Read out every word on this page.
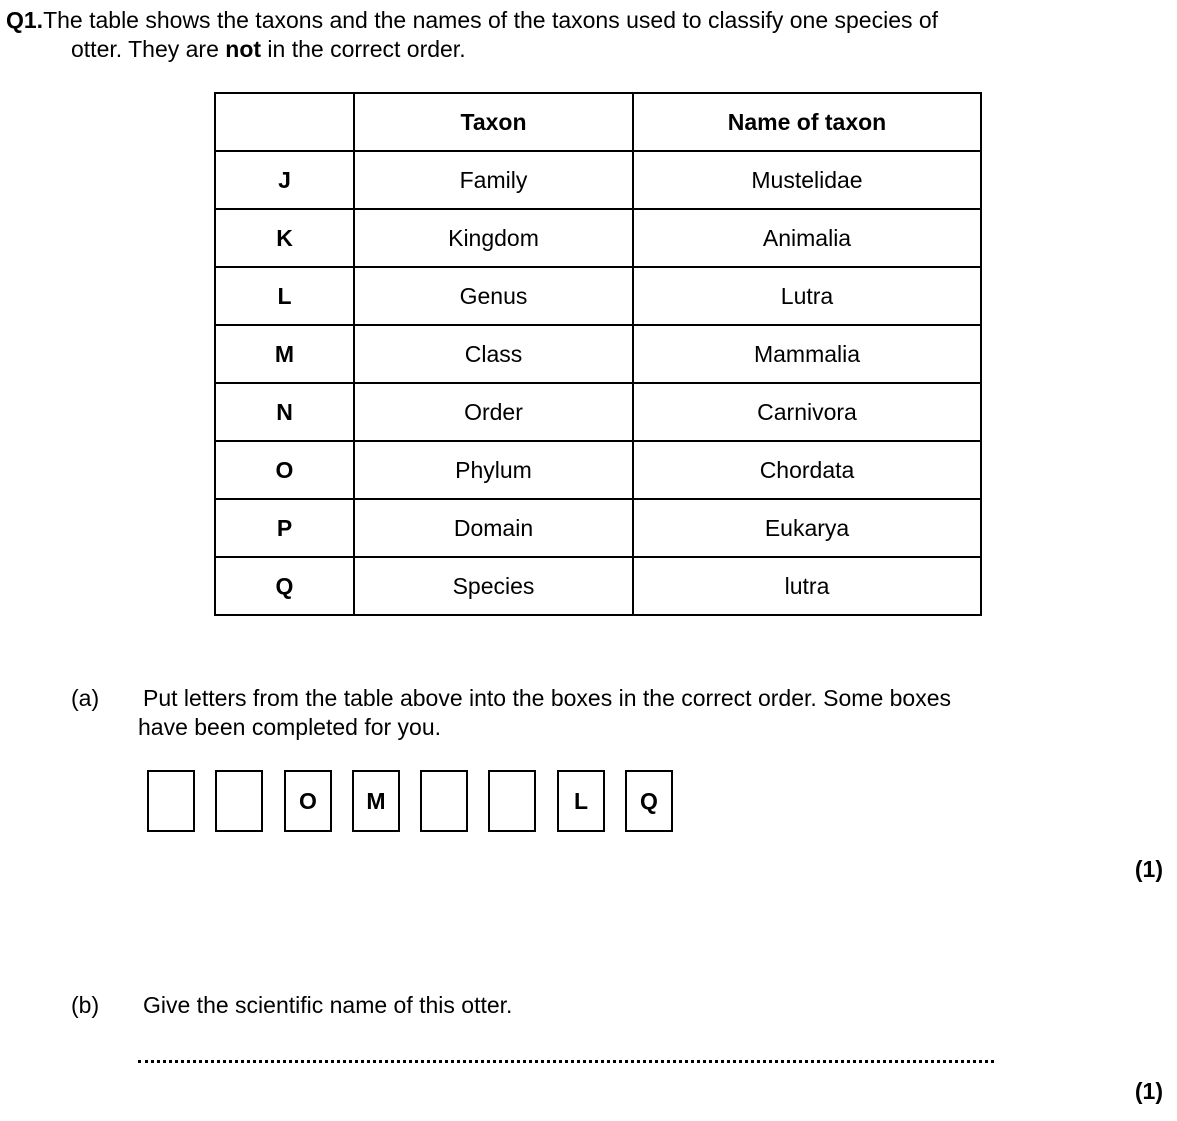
Q1.The table shows the taxons and the names of the taxons used to classify one species of
otter. They are not in the correct order.
	Taxon	Name of taxon
J	Family	Mustelidae
K	Kingdom	Animalia
L	Genus	Lutra
M	Class	Mammalia
N	Order	Carnivora
O	Phylum	Chordata
P	Domain	Eukarya
Q	Species	lutra
(a) Put letters from the table above into the boxes in the correct order. Some boxes
have been completed for you.
O	M	L	Q
(1)
(b) Give the scientific name of this otter.
(1)
